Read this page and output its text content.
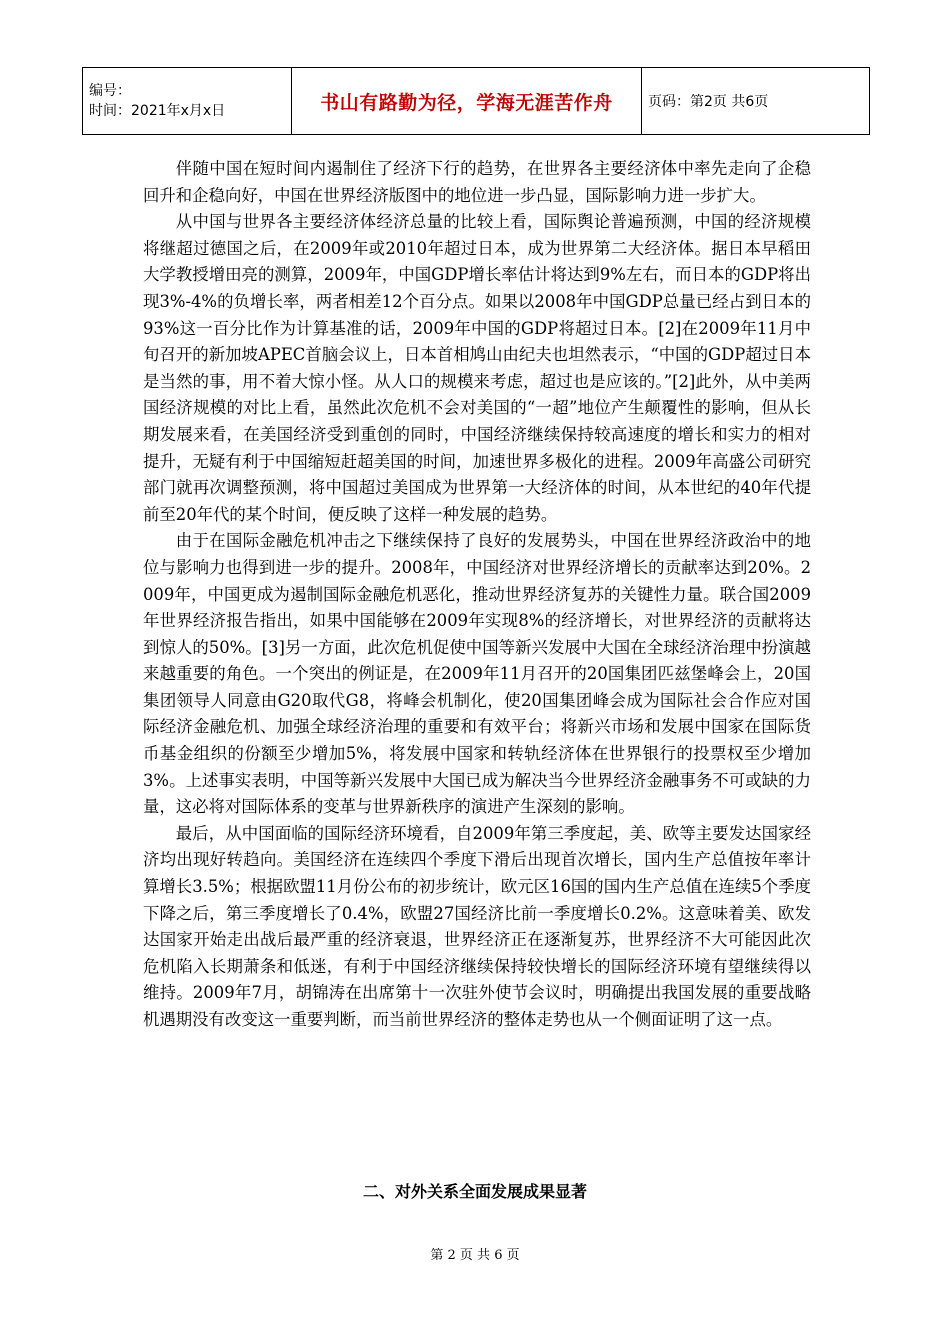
编号：
时间：2021年x月x日	书山有路勤为径，学海无涯苦作舟	页码：第2页 共6页

伴随中国在短时间内遏制住了经济下行的趋势，在世界各主要经济体中率先走向了企稳回升和企稳向好，中国在世界经济版图中的地位进一步凸显，国际影响力进一步扩大。

从中国与世界各主要经济体经济总量的比较上看，国际舆论普遍预测，中国的经济规模将继超过德国之后，在2009年或2010年超过日本，成为世界第二大经济体。据日本早稻田大学教授增田亮的测算，2009年，中国GDP增长率估计将达到9%左右，而日本的GDP将出现3%-4%的负增长率，两者相差12个百分点。如果以2008年中国GDP总量已经占到日本的93%这一百分比作为计算基准的话，2009年中国的GDP将超过日本。[2]在2009年11月中旬召开的新加坡APEC首脑会议上，日本首相鸠山由纪夫也坦然表示，“中国的GDP超过日本是当然的事，用不着大惊小怪。从人口的规模来考虑，超过也是应该的。”[2]此外，从中美两国经济规模的对比上看，虽然此次危机不会对美国的“一超”地位产生颠覆性的影响，但从长期发展来看，在美国经济受到重创的同时，中国经济继续保持较高速度的增长和实力的相对提升，无疑有利于中国缩短赶超美国的时间，加速世界多极化的进程。2009年高盛公司研究部门就再次调整预测，将中国超过美国成为世界第一大经济体的时间，从本世纪的40年代提前至20年代的某个时间，便反映了这样一种发展的趋势。

由于在国际金融危机冲击之下继续保持了良好的发展势头，中国在世界经济政治中的地位与影响力也得到进一步的提升。2008年，中国经济对世界经济增长的贡献率达到20%。2009年，中国更成为遏制国际金融危机恶化，推动世界经济复苏的关键性力量。联合国2009年世界经济报告指出，如果中国能够在2009年实现8%的经济增长，对世界经济的贡献将达到惊人的50%。[3]另一方面，此次危机促使中国等新兴发展中大国在全球经济治理中扮演越来越重要的角色。一个突出的例证是，在2009年11月召开的20国集团匹兹堡峰会上，20国集团领导人同意由G20取代G8，将峰会机制化，使20国集团峰会成为国际社会合作应对国际经济金融危机、加强全球经济治理的重要和有效平台；将新兴市场和发展中国家在国际货币基金组织的份额至少增加5%，将发展中国家和转轨经济体在世界银行的投票权至少增加3%。上述事实表明，中国等新兴发展中大国已成为解决当今世界经济金融事务不可或缺的力量，这必将对国际体系的变革与世界新秩序的演进产生深刻的影响。

最后，从中国面临的国际经济环境看，自2009年第三季度起，美、欧等主要发达国家经济均出现好转趋向。美国经济在连续四个季度下滑后出现首次增长，国内生产总值按年率计算增长3.5%；根据欧盟11月份公布的初步统计，欧元区16国的国内生产总值在连续5个季度下降之后，第三季度增长了0.4%，欧盟27国经济比前一季度增长0.2%。这意味着美、欧发达国家开始走出战后最严重的经济衰退，世界经济正在逐渐复苏，世界经济不大可能因此次危机陷入长期萧条和低迷，有利于中国经济继续保持较快增长的国际经济环境有望继续得以维持。2009年7月，胡锦涛在出席第十一次驻外使节会议时，明确提出我国发展的重要战略机遇期没有改变这一重要判断，而当前世界经济的整体走势也从一个侧面证明了这一点。

二、对外关系全面发展成果显著
第 2 页 共 6 页
